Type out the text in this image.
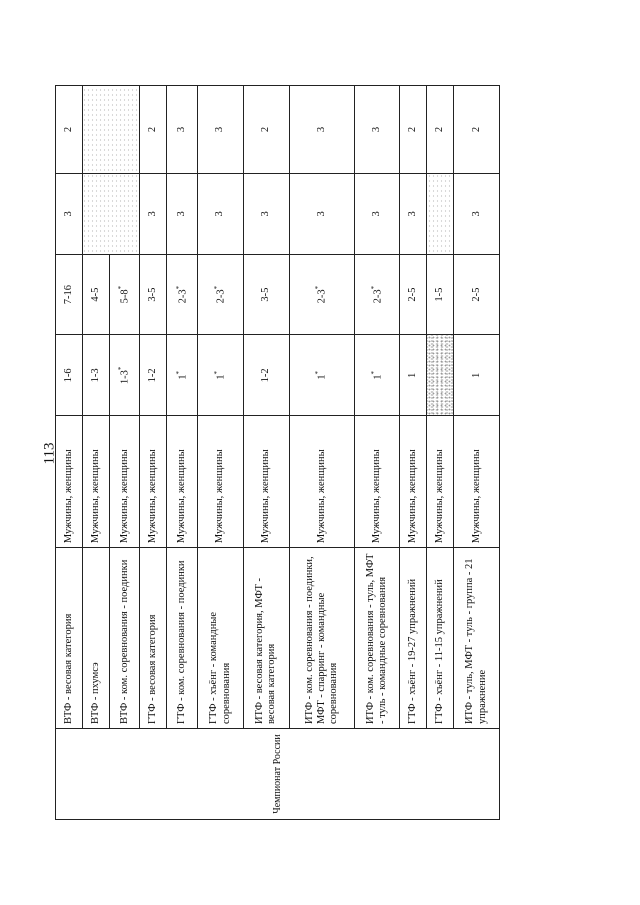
113
Чемпионат России	ВТФ - весовая категория	Мужчины, женщины	1-6	7-16	3	2
	ВТФ - пхумсэ	Мужчины, женщины	1-3	4-5		
	ВТФ - ком. соревнования - поединки	Мужчины, женщины	1-3*	5-8*
	ГТФ - весовая категория	Мужчины, женщины	1-2	3-5	3	2
	ГТФ - ком. соревнования - поединки	Мужчины, женщины	1*	2-3*	3	3
	ГТФ - хъёнг - командные соревнования	Мужчины, женщины	1*	2-3*	3	3
	ИТФ - весовая категория, МФТ - весовая категория	Мужчины, женщины	1-2	3-5	3	2
	ИТФ - ком. соревнования - поединки, МФТ - спарринг - командные соревнования	Мужчины, женщины	1*	2-3*	3	3
	ИТФ - ком. соревнования - туль, МФТ - туль - командные соревнования	Мужчины, женщины	1*	2-3*	3	3
	ГТФ - хъёнг - 19-27 упражнений	Мужчины, женщины	1	2-5	3	2
	ГТФ - хъёнг - 11-15 упражнений	Мужчины, женщины		1-5		2
	ИТФ - туль, МФТ - туль - группа - 21 упражнение	Мужчины, женщины	1	2-5	3	2
